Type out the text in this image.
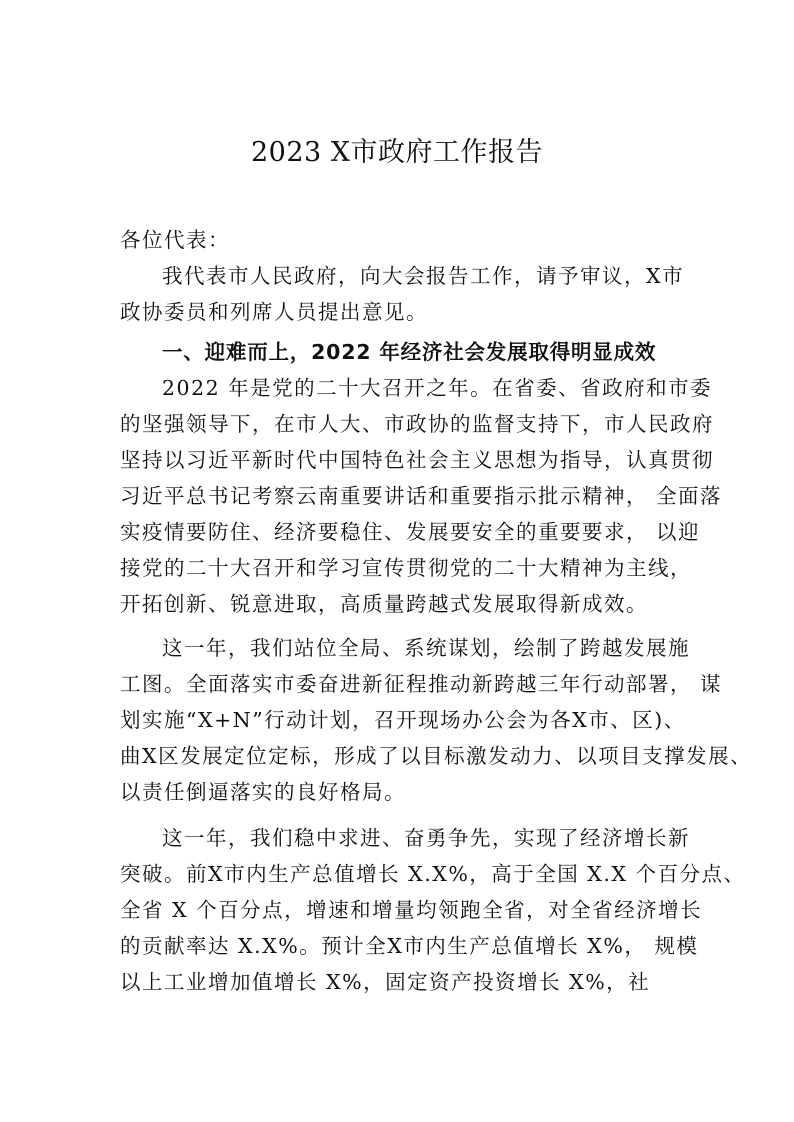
2023 X市政府工作报告
各位代表：
我代表市人民政府，向大会报告工作，请予审议，X市
政协委员和列席人员提出意见。
一、迎难而上，2022 年经济社会发展取得明显成效
2022 年是党的二十大召开之年。在省委、省政府和市委
的坚强领导下，在市人大、市政协的监督支持下，市人民政府
坚持以习近平新时代中国特色社会主义思想为指导，认真贯彻
习近平总书记考察云南重要讲话和重要指示批示精神， 全面落
实疫情要防住、经济要稳住、发展要安全的重要要求， 以迎
接党的二十大召开和学习宣传贯彻党的二十大精神为主线，
开拓创新、锐意进取，高质量跨越式发展取得新成效。
这一年，我们站位全局、系统谋划，绘制了跨越发展施
工图。全面落实市委奋进新征程推动新跨越三年行动部署， 谋
划实施“X+N”行动计划，召开现场办公会为各X市、区)、
曲X区发展定位定标，形成了以目标激发动力、以项目支撑发展、
以责任倒逼落实的良好格局。
这一年，我们稳中求进、奋勇争先，实现了经济增长新
突破。前X市内生产总值增长 X.X%，高于全国 X.X 个百分点、
全省 X 个百分点，增速和增量均领跑全省，对全省经济增长
的贡献率达 X.X%。预计全X市内生产总值增长 X%， 规模
以上工业增加值增长 X%，固定资产投资增长 X%，社
